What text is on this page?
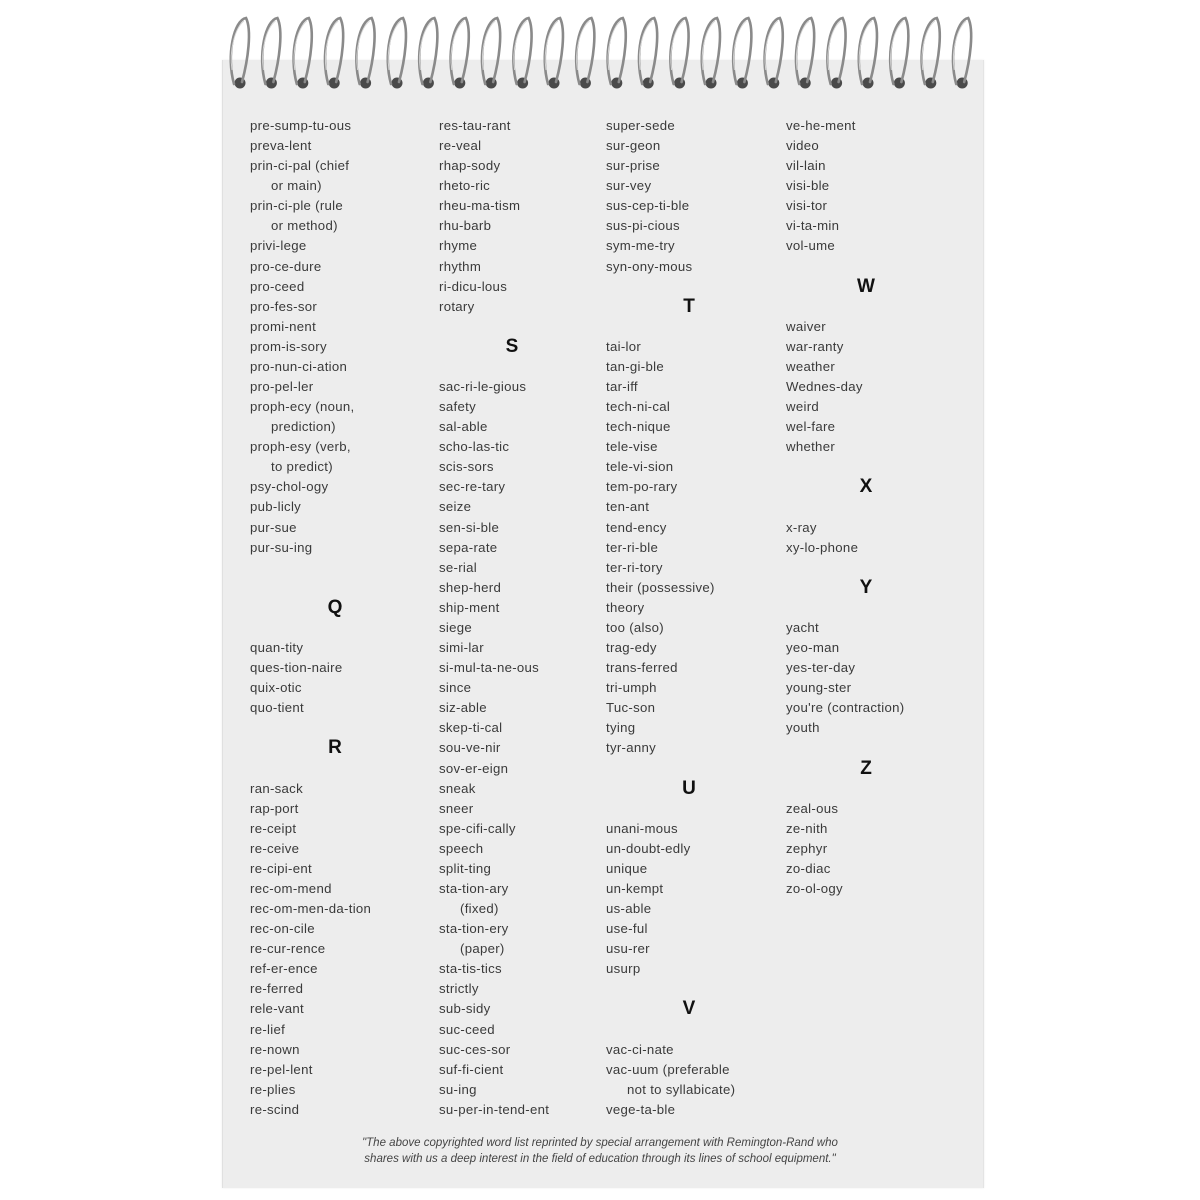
pre-sump-tu-ous
preva-lent
prin-ci-pal (chief
or main)
prin-ci-ple (rule
or method)
privi-lege
pro-ce-dure
pro-ceed
pro-fes-sor
promi-nent
prom-is-sory
pro-nun-ci-ation
pro-pel-ler
proph-ecy (noun,
prediction)
proph-esy (verb,
to predict)
psy-chol-ogy
pub-licly
pur-sue
pur-su-ing
Q
quan-tity
ques-tion-naire
quix-otic
quo-tient
R
ran-sack
rap-port
re-ceipt
re-ceive
re-cipi-ent
rec-om-mend
rec-om-men-da-tion
rec-on-cile
re-cur-rence
ref-er-ence
re-ferred
rele-vant
re-lief
re-nown
re-pel-lent
re-plies
re-scind
res-tau-rant
re-veal
rhap-sody
rheto-ric
rheu-ma-tism
rhu-barb
rhyme
rhythm
ri-dicu-lous
rotary
S
sac-ri-le-gious
safety
sal-able
scho-las-tic
scis-sors
sec-re-tary
seize
sen-si-ble
sepa-rate
se-rial
shep-herd
ship-ment
siege
simi-lar
si-mul-ta-ne-ous
since
siz-able
skep-ti-cal
sou-ve-nir
sov-er-eign
sneak
sneer
spe-cifi-cally
speech
split-ting
sta-tion-ary
(fixed)
sta-tion-ery
(paper)
sta-tis-tics
strictly
sub-sidy
suc-ceed
suc-ces-sor
suf-fi-cient
su-ing
su-per-in-tend-ent
super-sede
sur-geon
sur-prise
sur-vey
sus-cep-ti-ble
sus-pi-cious
sym-me-try
syn-ony-mous
T
tai-lor
tan-gi-ble
tar-iff
tech-ni-cal
tech-nique
tele-vise
tele-vi-sion
tem-po-rary
ten-ant
tend-ency
ter-ri-ble
ter-ri-tory
their (possessive)
theory
too (also)
trag-edy
trans-ferred
tri-umph
Tuc-son
tying
tyr-anny
U
unani-mous
un-doubt-edly
unique
un-kempt
us-able
use-ful
usu-rer
usurp
V
vac-ci-nate
vac-uum (preferable
not to syllabicate)
vege-ta-ble
ve-he-ment
video
vil-lain
visi-ble
visi-tor
vi-ta-min
vol-ume
W
waiver
war-ranty
weather
Wednes-day
weird
wel-fare
whether
X
x-ray
xy-lo-phone
Y
yacht
yeo-man
yes-ter-day
young-ster
you're (contraction)
youth
Z
zeal-ous
ze-nith
zephyr
zo-diac
zo-ol-ogy
"The above copyrighted word list reprinted by special arrangement with Remington-Rand who
shares with us a deep interest in the field of education through its lines of school equipment."
